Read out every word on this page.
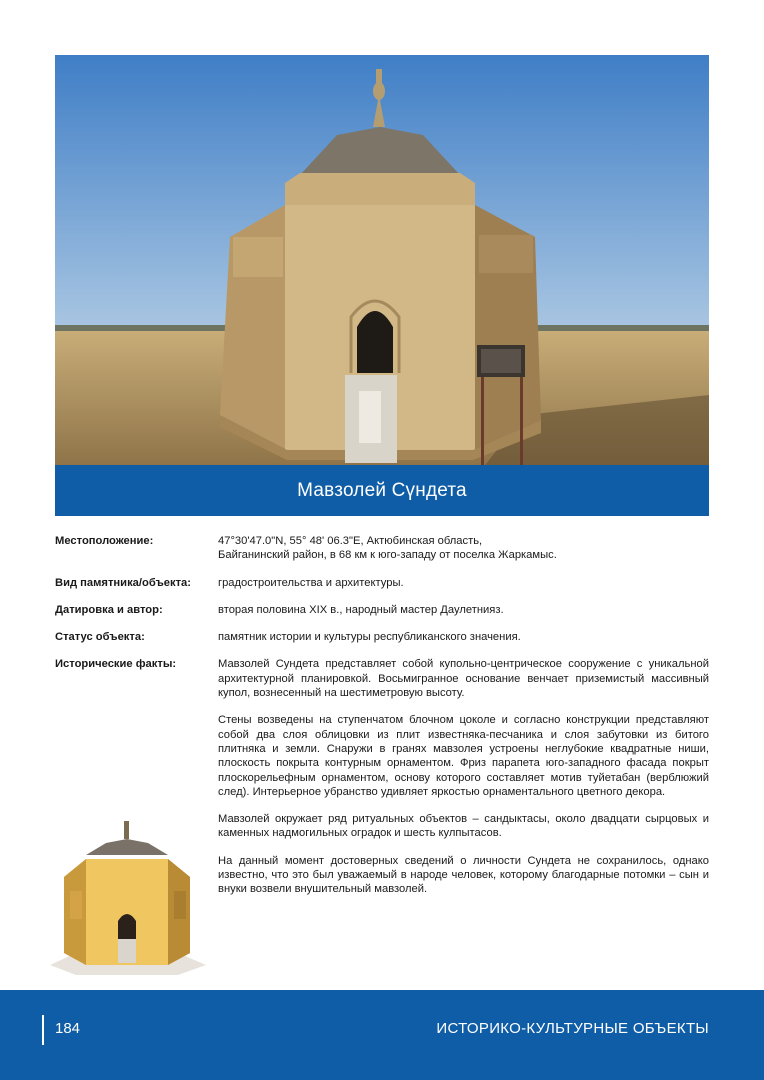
Мавзолей Сүндета
Местоположение:	47°30'47.0"N, 55° 48' 06.3"E, Актюбинская область,
Байганинский район, в 68 км к юго-западу от поселка Жаркамыс.
Вид памятника/объекта:	градостроительства и архитектуры.
Датировка и автор:	вторая половина XIX в., народный мастер Даулетнияз.
Статус объекта:	памятник истории и культуры республиканского значения.
Исторические факты:	Мавзолей Сундета представляет собой купольно-центрическое сооружение с уникальной архитектурной планировкой. Восьмигранное основание венчает приземистый массивный купол, вознесенный на шестиметровую высоту.

Стены возведены на ступенчатом блочном цоколе и согласно конструкции представляют собой два слоя облицовки из плит известняка-песчаника и слоя забутовки из битого плитняка и земли. Снаружи в гранях мавзолея устроены неглубокие квадратные ниши, плоскость покрыта контурным орнаментом. Фриз парапета юго-западного фасада покрыт плоскорельефным орнаментом, основу которого составляет мотив туйетабан (верблюжий след). Интерьерное убранство удивляет яркостью орнаментального цветного декора.

Мавзолей окружает ряд ритуальных объектов – сандыктасы, около двадцати сырцовых и каменных надмогильных оградок и шесть кулпытасов.

На данный момент достоверных сведений о личности Сундета не сохранилось, однако известно, что это был уважаемый в народе человек, которому благодарные потомки – сын и внуки возвели внушительный мавзолей.

184	ИСТОРИКО-КУЛЬТУРНЫЕ ОБЪЕКТЫ
